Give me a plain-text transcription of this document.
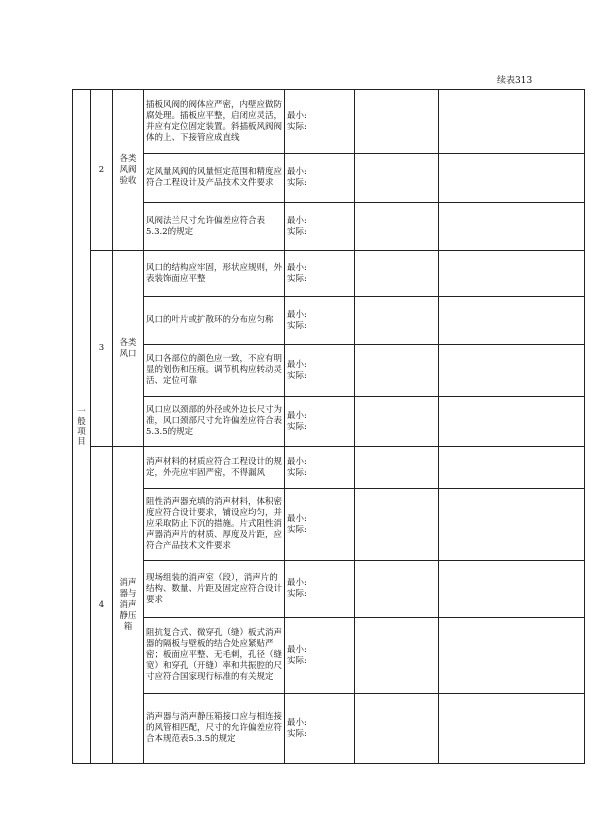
续表313
一般项目	2	各类风阀验收	插板风阀的阀体应严密，内壁应做防腐处理。插板应平整，启闭应灵活，并应有定位固定装置。斜插板风阀阀体的上、下接管应成直线	最小:
实际:		

			定风量风阀的风量恒定范围和精度应符合工程设计及产品技术文件要求	最小:
实际:		

			风阀法兰尺寸允许偏差应符合表5.3.2的规定	最小:
实际:		

	3	各类风口	风口的结构应牢固，形状应规则，外表装饰面应平整	最小:
实际:		

			风口的叶片或扩散环的分布应匀称	最小:
实际:		

			风口各部位的颜色应一致，不应有明显的划伤和压痕。调节机构应转动灵活、定位可靠	最小:
实际:		

			风口应以颈部的外径或外边长尺寸为准，风口颈部尺寸允许偏差应符合表5.3.5的规定	最小:
实际:		

	4	消声器与消声静压箱	消声材料的材质应符合工程设计的规定，外壳应牢固严密，不得漏风	最小:
实际:		

			阻性消声器充填的消声材料，体积密度应符合设计要求，铺设应均匀，并应采取防止下沉的措施。片式阻性消声器消声片的材质、厚度及片距，应符合产品技术文件要求	最小:
实际:		

			现场组装的消声室（段），消声片的结构、数量、片距及固定应符合设计要求	最小:
实际:		

			阻抗复合式、微穿孔（缝）板式消声器的隔板与壁板的结合处应紧贴严密；板面应平整、无毛刺，孔径（缝宽）和穿孔（开缝）率和共振腔的尺寸应符合国家现行标准的有关规定	最小:
实际:		

			消声器与消声静压箱接口应与相连接的风管相匹配，尺寸的允许偏差应符合本规范表5.3.5的规定	最小:
实际:		
